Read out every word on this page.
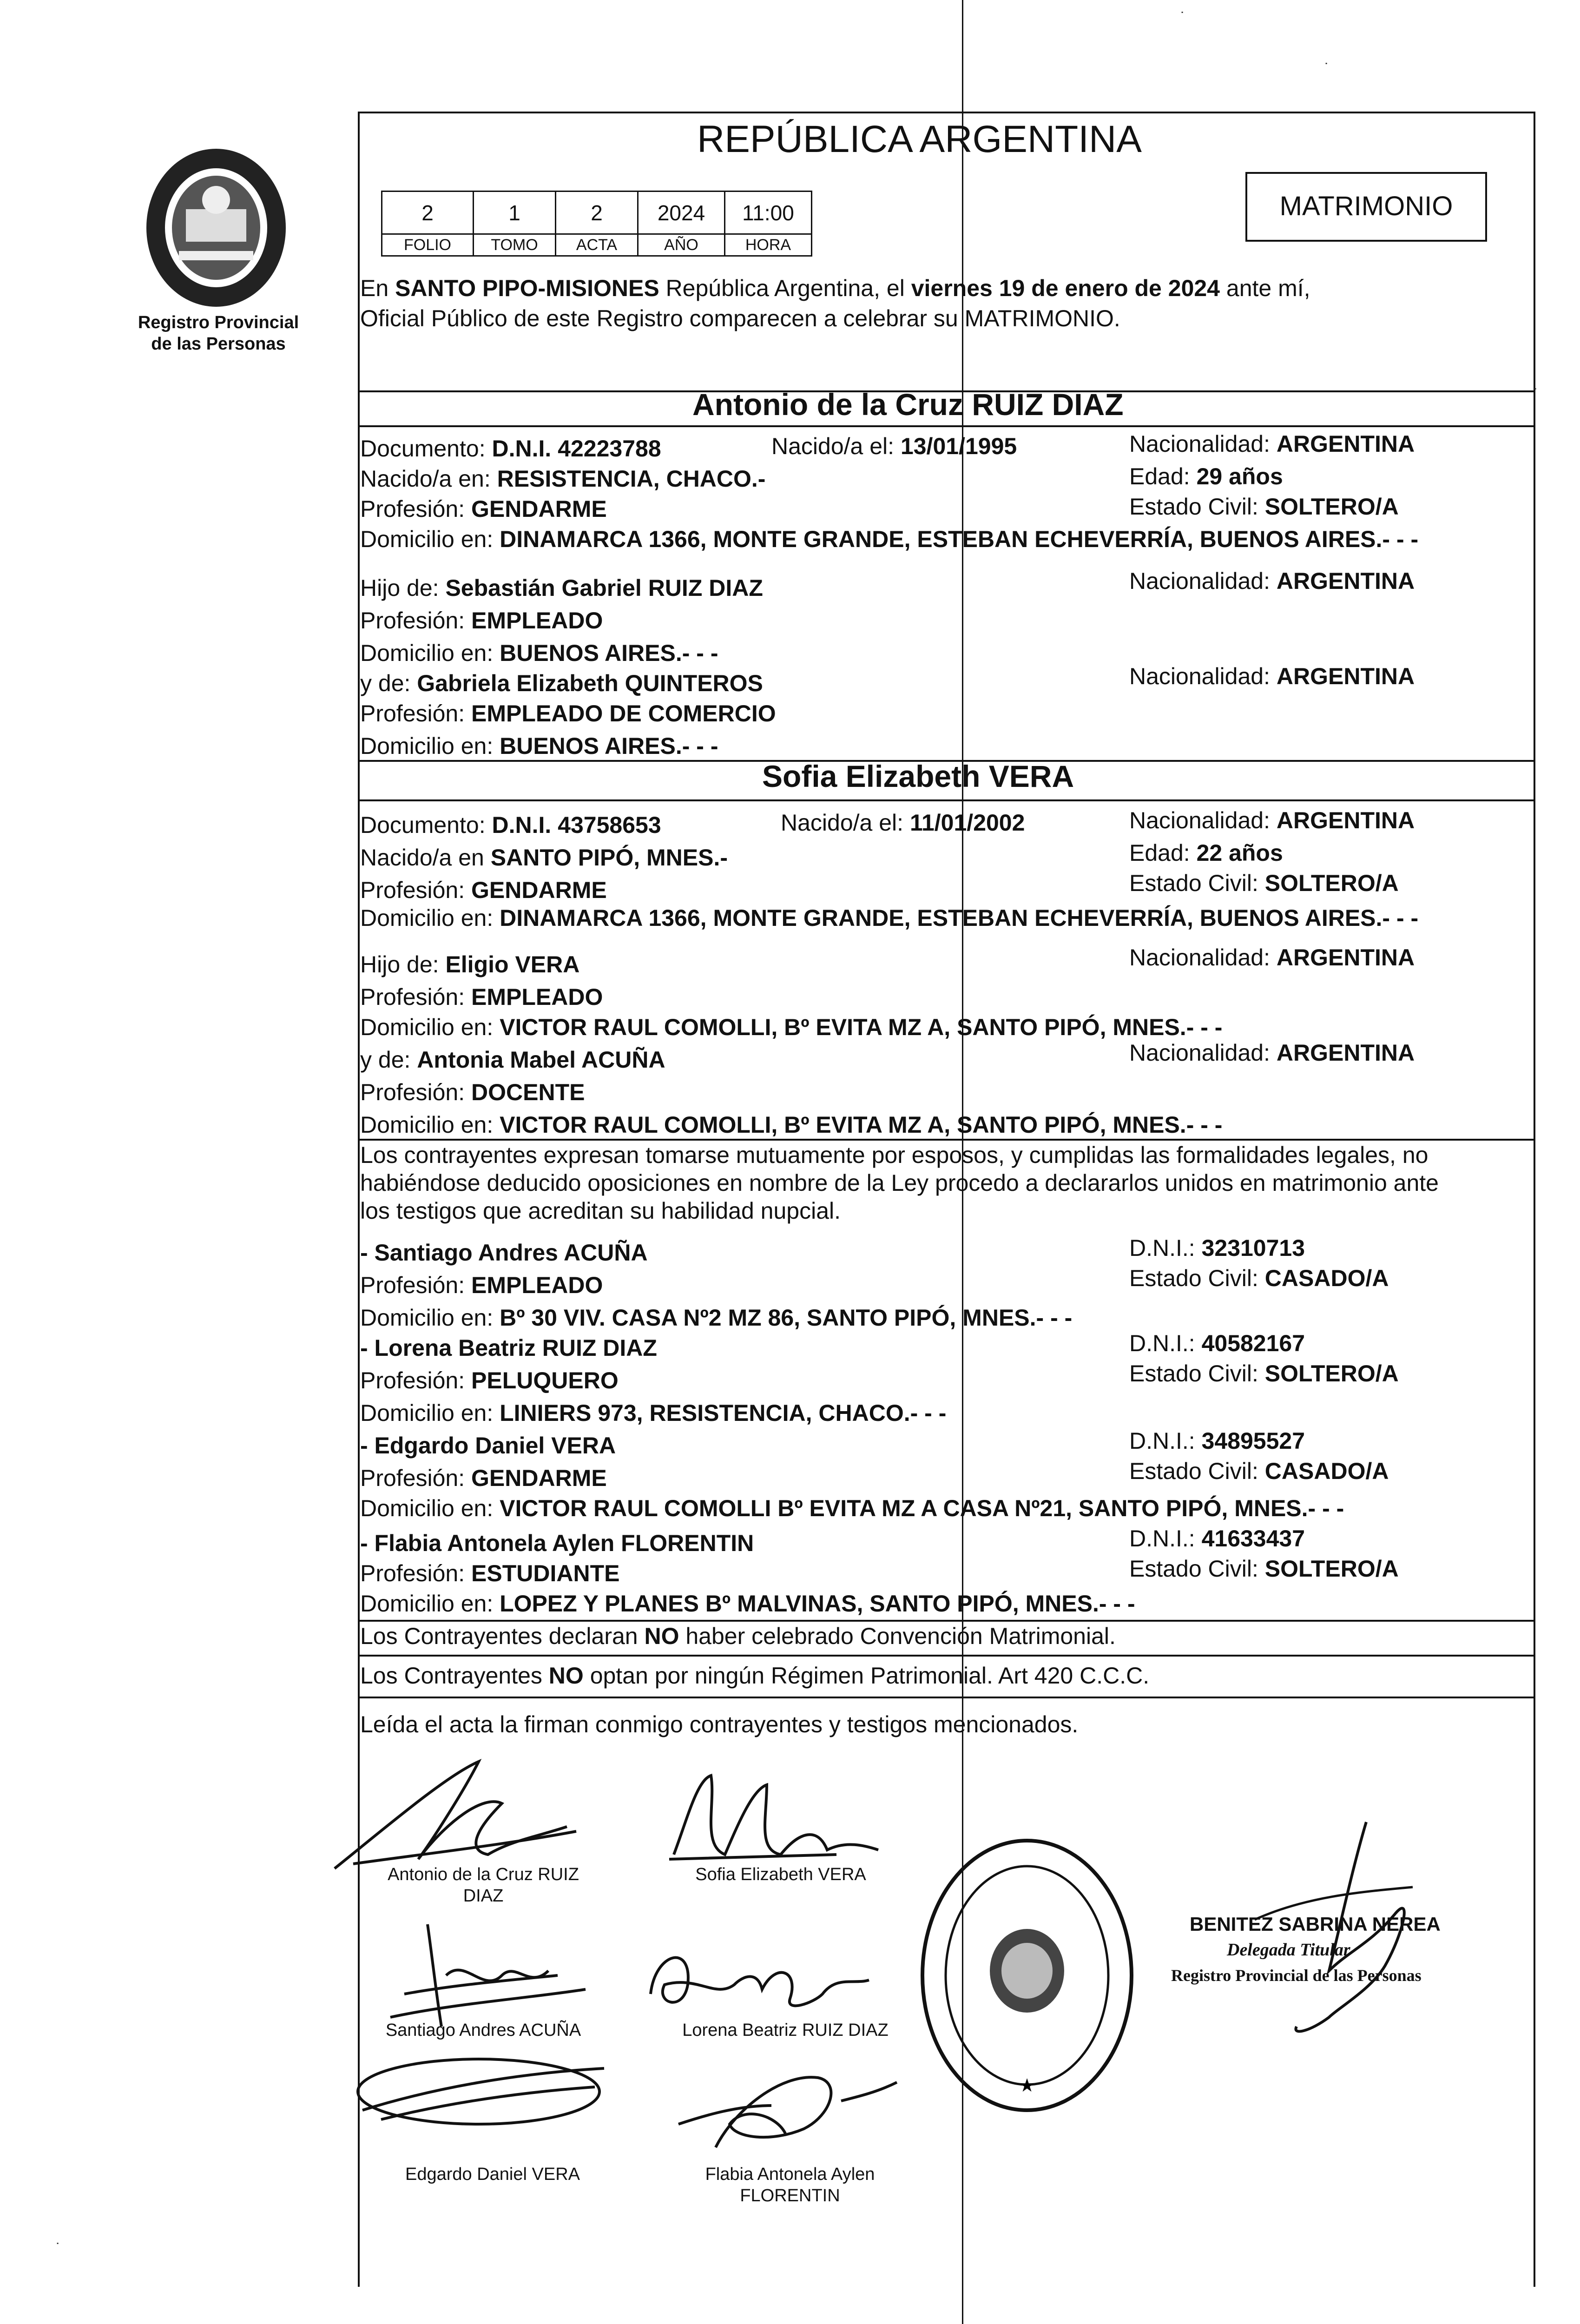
Registro Provincial
de las Personas
REPÚBLICA ARGENTINA
MATRIMONIO
2	1	2	2024	11:00
FOLIO	TOMO	ACTA	AÑO	HORA
En SANTO PIPO-MISIONES República Argentina, el viernes 19 de enero de 2024 ante mí,
Oficial Público de este Registro comparecen a celebrar su MATRIMONIO.
Antonio de la Cruz RUIZ DIAZ
Documento: D.N.I. 42223788	Nacido/a el: 13/01/1995	Nacionalidad: ARGENTINA
Nacido/a en: RESISTENCIA, CHACO.-	Edad: 29 años
Profesión: GENDARME	Estado Civil: SOLTERO/A
Domicilio en: DINAMARCA 1366, MONTE GRANDE, ESTEBAN ECHEVERRÍA, BUENOS AIRES.- - -
Hijo de: Sebastián Gabriel RUIZ DIAZ	Nacionalidad: ARGENTINA
Profesión: EMPLEADO
Domicilio en: BUENOS AIRES.- - -
y de: Gabriela Elizabeth QUINTEROS	Nacionalidad: ARGENTINA
Profesión: EMPLEADO DE COMERCIO
Domicilio en: BUENOS AIRES.- - -
Sofia Elizabeth VERA
Documento: D.N.I. 43758653	Nacido/a el: 11/01/2002	Nacionalidad: ARGENTINA
Nacido/a en SANTO PIPÓ, MNES.-	Edad: 22 años
Profesión: GENDARME	Estado Civil: SOLTERO/A
Domicilio en: DINAMARCA 1366, MONTE GRANDE, ESTEBAN ECHEVERRÍA, BUENOS AIRES.- - -
Hijo de: Eligio VERA	Nacionalidad: ARGENTINA
Profesión: EMPLEADO
Domicilio en: VICTOR RAUL COMOLLI, Bº EVITA MZ A, SANTO PIPÓ, MNES.- - -
y de: Antonia Mabel ACUÑA	Nacionalidad: ARGENTINA
Profesión: DOCENTE
Domicilio en: VICTOR RAUL COMOLLI, Bº EVITA MZ A, SANTO PIPÓ, MNES.- - -
Los contrayentes expresan tomarse mutuamente por esposos, y cumplidas las formalidades legales, no
habiéndose deducido oposiciones en nombre de la Ley procedo a declararlos unidos en matrimonio ante
los testigos que acreditan su habilidad nupcial.
- Santiago Andres ACUÑA	D.N.I.: 32310713
Profesión: EMPLEADO	Estado Civil: CASADO/A
Domicilio en: Bº 30 VIV. CASA Nº2 MZ 86, SANTO PIPÓ, MNES.- - -
- Lorena Beatriz RUIZ DIAZ	D.N.I.: 40582167
Profesión: PELUQUERO	Estado Civil: SOLTERO/A
Domicilio en: LINIERS 973, RESISTENCIA, CHACO.- - -
- Edgardo Daniel VERA	D.N.I.: 34895527
Profesión: GENDARME	Estado Civil: CASADO/A
Domicilio en: VICTOR RAUL COMOLLI Bº EVITA MZ A CASA Nº21, SANTO PIPÓ, MNES.- - -
- Flabia Antonela Aylen FLORENTIN	D.N.I.: 41633437
Profesión: ESTUDIANTE	Estado Civil: SOLTERO/A
Domicilio en: LOPEZ Y PLANES Bº MALVINAS, SANTO PIPÓ, MNES.- - -
Los Contrayentes declaran NO haber celebrado Convención Matrimonial.
Los Contrayentes NO optan por ningún Régimen Patrimonial. Art 420 C.C.C.
Leída el acta la firman conmigo contrayentes y testigos mencionados.
Antonio de la Cruz RUIZ
DIAZ
Sofia Elizabeth VERA
Santiago Andres ACUÑA	Lorena Beatriz RUIZ DIAZ
Edgardo Daniel VERA	Flabia Antonela Aylen
FLORENTIN
★
BENITEZ SABRINA NEREA
Delegada Titular
Registro Provincial de las Personas
˙
˙
˙
˙
